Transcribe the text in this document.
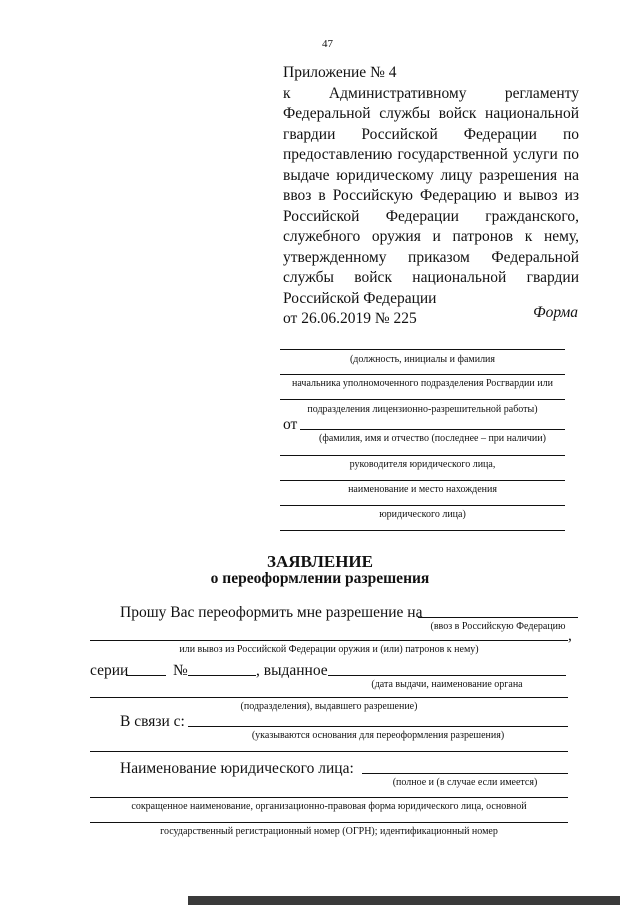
47
Приложение № 4
к Административному регламенту
Федеральной службы войск национальной
гвардии Российской Федерации по
предоставлению государственной услуги по
выдаче юридическому лицу разрешения на
ввоз в Российскую Федерацию и вывоз из
Российской Федерации гражданского,
служебного оружия и патронов к нему,
утвержденному приказом Федеральной
службы войск национальной гвардии
Российской Федерации
от 26.06.2019 № 225	Форма
(должность, инициалы и фамилия
начальника уполномоченного подразделения Росгвардии или
подразделения лицензионно-разрешительной работы)
от
(фамилия, имя и отчество (последнее – при наличии)
руководителя юридического лица,
наименование и место нахождения
юридического лица)
ЗАЯВЛЕНИЕ
о переоформлении разрешения
Прошу Вас переоформить мне разрешение на
(ввоз в Российскую Федерацию
,
или вывоз из Российской Федерации оружия и (или) патронов к нему)
серии	№	, выданное
(дата выдачи, наименование органа
(подразделения), выдавшего разрешение)
В связи с:
(указываются основания для переоформления разрешения)
Наименование юридического лица:
(полное и (в случае если имеется)
сокращенное наименование, организационно-правовая форма юридического лица, основной
государственный регистрационный номер (ОГРН); идентификационный номер
